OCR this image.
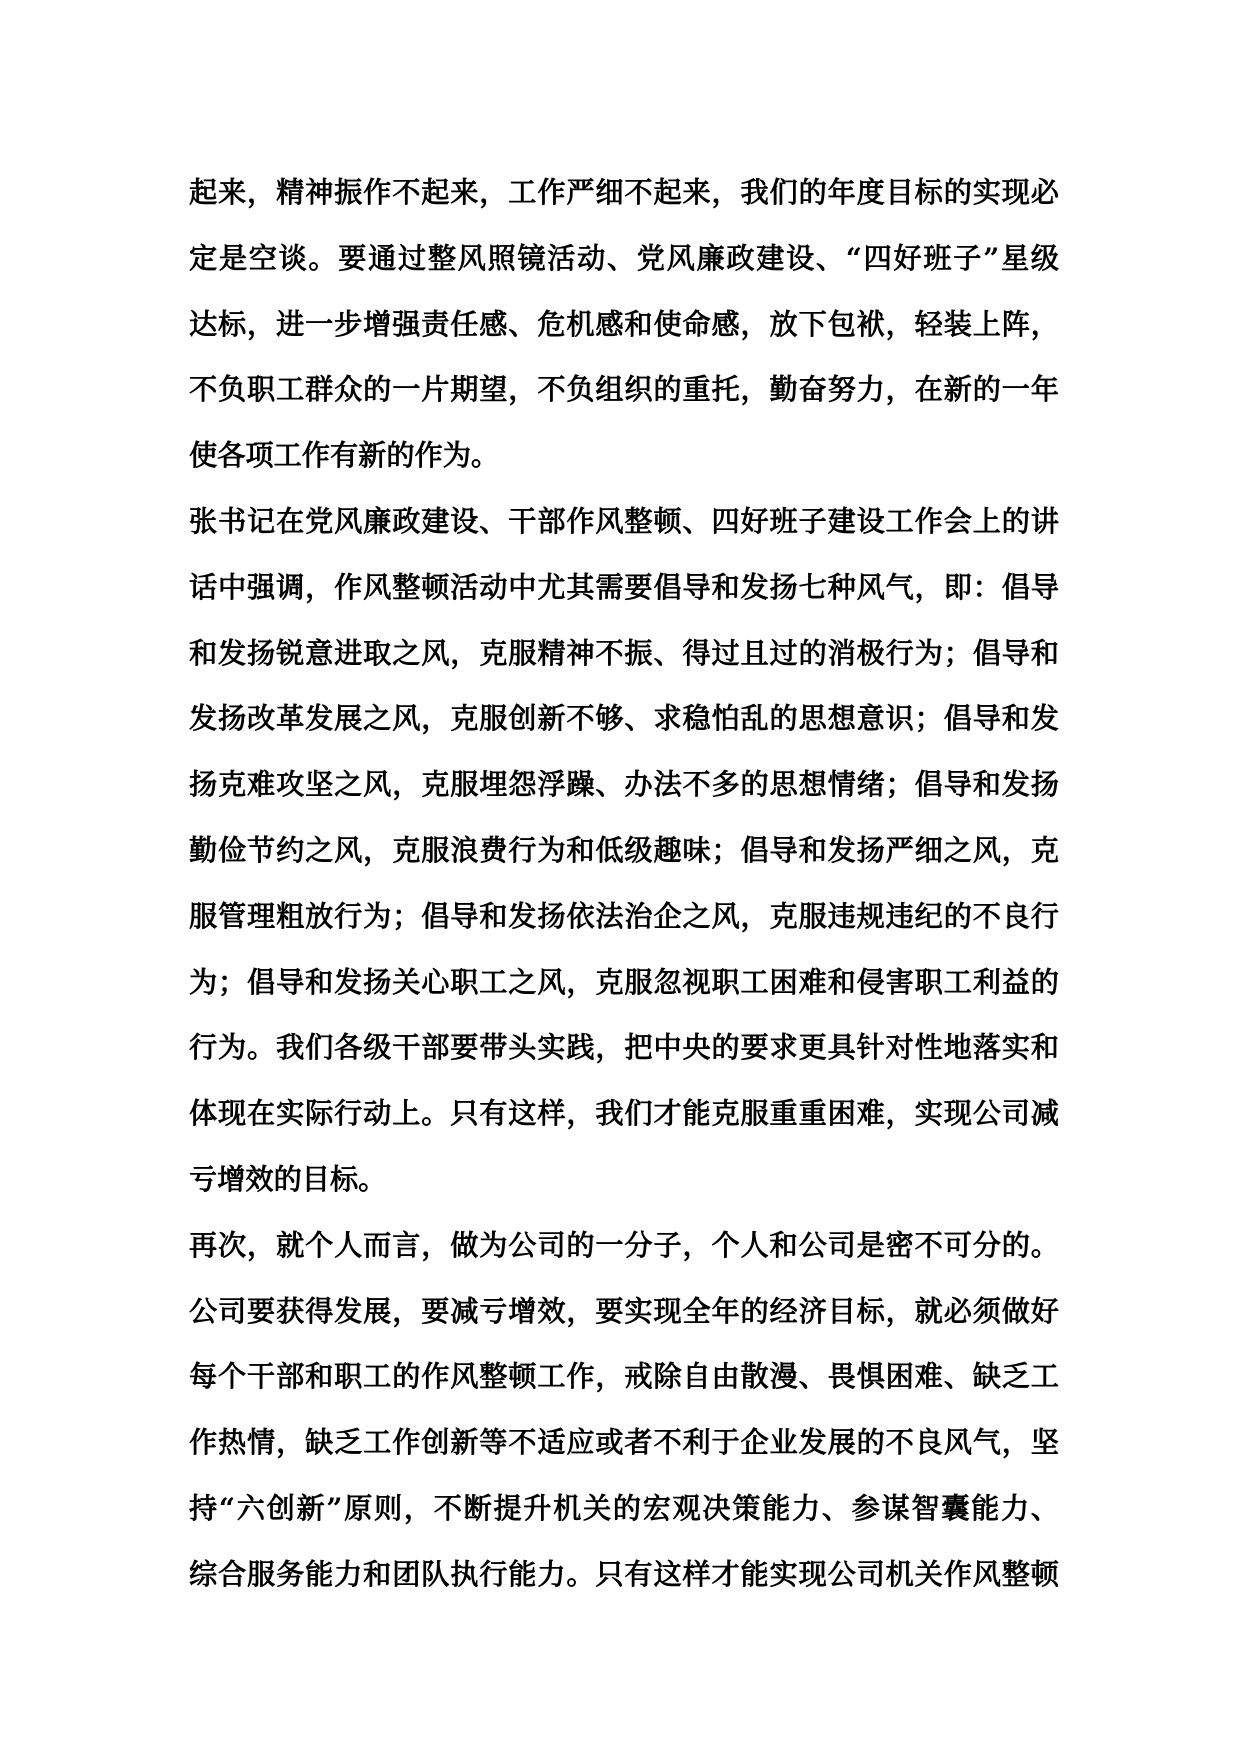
起来，精神振作不起来，工作严细不起来，我们的年度目标的实现必
定是空谈。要通过整风照镜活动、党风廉政建设、“四好班子”星级
达标，进一步增强责任感、危机感和使命感，放下包袱，轻装上阵，
不负职工群众的一片期望，不负组织的重托，勤奋努力，在新的一年
使各项工作有新的作为。
张书记在党风廉政建设、干部作风整顿、四好班子建设工作会上的讲
话中强调，作风整顿活动中尤其需要倡导和发扬七种风气，即：倡导
和发扬锐意进取之风，克服精神不振、得过且过的消极行为；倡导和
发扬改革发展之风，克服创新不够、求稳怕乱的思想意识；倡导和发
扬克难攻坚之风，克服埋怨浮躁、办法不多的思想情绪；倡导和发扬
勤俭节约之风，克服浪费行为和低级趣味；倡导和发扬严细之风，克
服管理粗放行为；倡导和发扬依法治企之风，克服违规违纪的不良行
为；倡导和发扬关心职工之风，克服忽视职工困难和侵害职工利益的
行为。我们各级干部要带头实践，把中央的要求更具针对性地落实和
体现在实际行动上。只有这样，我们才能克服重重困难，实现公司减
亏增效的目标。
再次，就个人而言，做为公司的一分子，个人和公司是密不可分的。
公司要获得发展，要减亏增效，要实现全年的经济目标，就必须做好
每个干部和职工的作风整顿工作，戒除自由散漫、畏惧困难、缺乏工
作热情，缺乏工作创新等不适应或者不利于企业发展的不良风气，坚
持“六创新”原则，不断提升机关的宏观决策能力、参谋智囊能力、
综合服务能力和团队执行能力。只有这样才能实现公司机关作风整顿
